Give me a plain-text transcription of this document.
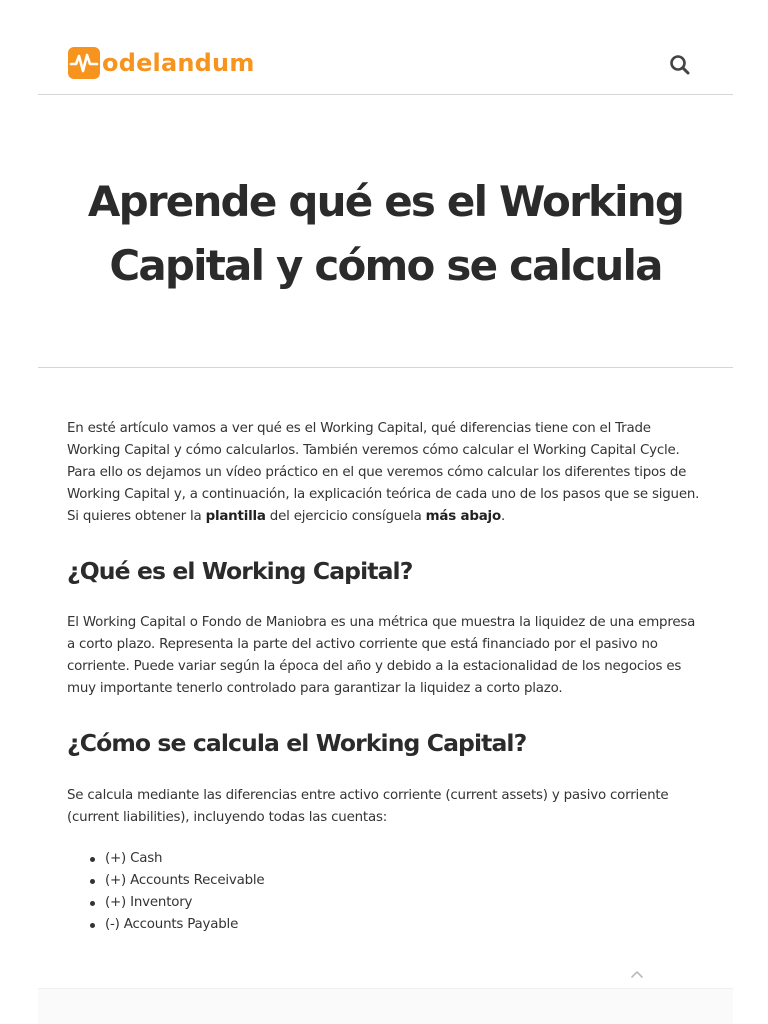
odelandum
Aprende qué es el Working Capital y cómo se calcula

En esté artículo vamos a ver qué es el Working Capital, qué diferencias tiene con el Trade Working Capital y cómo calcularlos. También veremos cómo calcular el Working Capital Cycle. Para ello os dejamos un vídeo práctico en el que veremos cómo calcular los diferentes tipos de Working Capital y, a continuación, la explicación teórica de cada uno de los pasos que se siguen. Si quieres obtener la plantilla del ejercicio consíguela más abajo.

¿Qué es el Working Capital?

El Working Capital o Fondo de Maniobra es una métrica que muestra la liquidez de una empresa a corto plazo. Representa la parte del activo corriente que está financiado por el pasivo no corriente. Puede variar según la época del año y debido a la estacionalidad de los negocios es muy importante tenerlo controlado para garantizar la liquidez a corto plazo.

¿Cómo se calcula el Working Capital?

Se calcula mediante las diferencias entre activo corriente (current assets) y pasivo corriente (current liabilities), incluyendo todas las cuentas:

(+) Cash
(+) Accounts Receivable
(+) Inventory
(-) Accounts Payable
